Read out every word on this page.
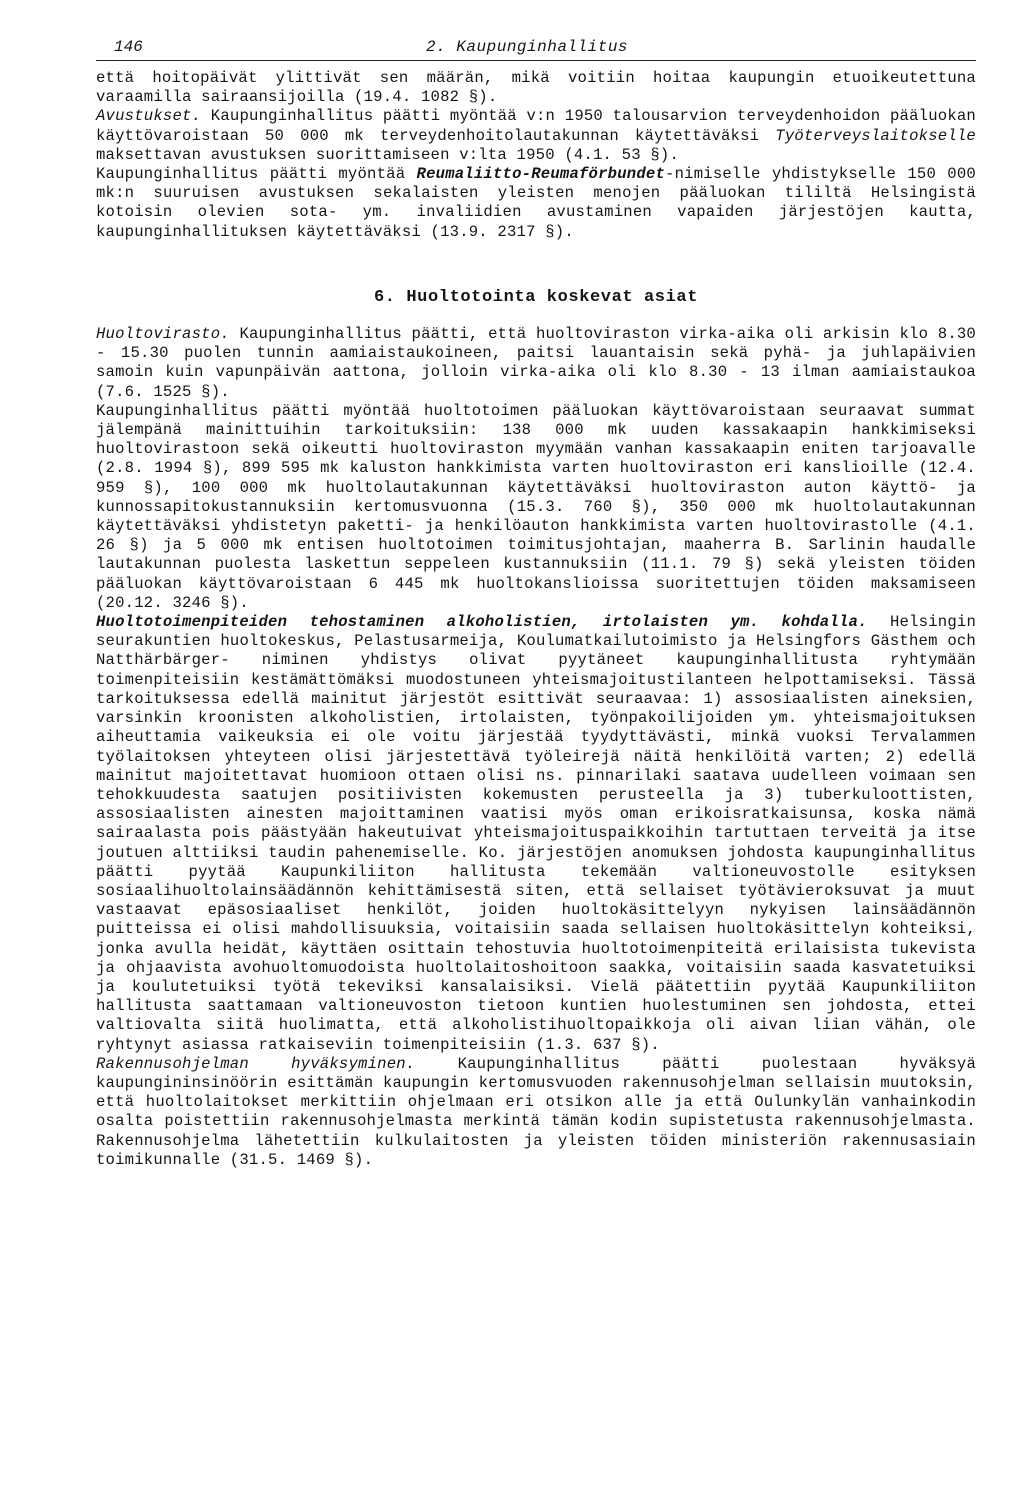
146	2. Kaupunginhallitus

että hoitopäivät ylittivät sen määrän, mikä voitiin hoitaa kaupungin etuoikeutettuna varaamilla sairaansijoilla (19.4. 1082 §).

Avustukset. Kaupunginhallitus päätti myöntää v:n 1950 talousarvion terveydenhoidon pääluokan käyttövaroistaan 50 000 mk terveydenhoitolautakunnan käytettäväksi Työterveyslaitokselle maksettavan avustuksen suorittamiseen v:lta 1950 (4.1. 53 §).

Kaupunginhallitus päätti myöntää Reumaliitto-Reumaförbundet-nimiselle yhdistykselle 150 000 mk:n suuruisen avustuksen sekalaisten yleisten menojen pääluokan tililtä Helsingistä kotoisin olevien sota- ym. invaliidien avustaminen vapaiden järjestöjen kautta, kaupunginhallituksen käytettäväksi (13.9. 2317 §).

6. Huoltotointa koskevat asiat

Huoltovirasto. Kaupunginhallitus päätti, että huoltoviraston virka-aika oli arkisin klo 8.30 - 15.30 puolen tunnin aamiaistaukoineen, paitsi lauantaisin sekä pyhä- ja juhlapäivien samoin kuin vapunpäivän aattona, jolloin virka-aika oli klo 8.30 - 13 ilman aamiaistaukoa (7.6. 1525 §).

Kaupunginhallitus päätti myöntää huoltotoimen pääluokan käyttövaroistaan seuraavat summat jälempänä mainittuihin tarkoituksiin: 138 000 mk uuden kassakaapin hankkimiseksi huoltovirastoon sekä oikeutti huoltoviraston myymään vanhan kassakaapin eniten tarjoavalle (2.8. 1994 §), 899 595 mk kaluston hankkimista varten huoltoviraston eri kanslioille (12.4. 959 §), 100 000 mk huoltolautakunnan käytettäväksi huoltoviraston auton käyttö- ja kunnossapitokustannuksiin kertomusvuonna (15.3. 760 §), 350 000 mk huoltolautakunnan käytettäväksi yhdistetyn paketti- ja henkilöauton hankkimista varten huoltovirastolle (4.1. 26 §) ja 5 000 mk entisen huoltotoimen toimitusjohtajan, maaherra B. Sarlinin haudalle lautakunnan puolesta laskettun seppeleen kustannuksiin (11.1. 79 §) sekä yleisten töiden pääluokan käyttövaroistaan 6 445 mk huoltokanslioissa suoritettujen töiden maksamiseen (20.12. 3246 §).

Huoltotoimenpiteiden tehostaminen alkoholistien, irtolaisten ym. kohdalla. Helsingin seurakuntien huoltokeskus, Pelastusarmeija, Koulumatkailutoimisto ja Helsingfors Gästhem och Natthärbärger- niminen yhdistys olivat pyytäneet kaupunginhallitusta ryhtymään toimenpiteisiin kestämättömäksi muodostuneen yhteismajoitustilanteen helpottamiseksi. Tässä tarkoituksessa edellä mainitut järjestöt esittivät seuraavaa: 1) assosiaalisten aineksien, varsinkin kroonisten alkoholistien, irtolaisten, työnpakoilijoiden ym. yhteismajoituksen aiheuttamia vaikeuksia ei ole voitu järjestää tyydyttävästi, minkä vuoksi Tervalammen työlaitoksen yhteyteen olisi järjestettävä työleirejä näitä henkilöitä varten; 2) edellä mainitut majoitettavat huomioon ottaen olisi ns. pinnarilaki saatava uudelleen voimaan sen tehokkuudesta saatujen positiivisten kokemusten perusteella ja 3) tuberkuloottisten, assosiaalisten ainesten majoittaminen vaatisi myös oman erikoisratkaisunsa, koska nämä sairaalasta pois päästyään hakeutuivat yhteismajoituspaikkoihin tartuttaen terveitä ja itse joutuen alttiiksi taudin pahenemiselle. Ko. järjestöjen anomuksen johdosta kaupunginhallitus päätti pyytää Kaupunkiliiton hallitusta tekemään valtioneuvostolle esityksen sosiaalihuoltolainsäädännön kehittämisestä siten, että sellaiset työtävieroksuvat ja muut vastaavat epäsosiaaliset henkilöt, joiden huoltokäsittelyyn nykyisen lainsäädännön puitteissa ei olisi mahdollisuuksia, voitaisiin saada sellaisen huoltokäsittelyn kohteiksi, jonka avulla heidät, käyttäen osittain tehostuvia huoltotoimenpiteitä erilaisista tukevista ja ohjaavista avohuoltomuodoista huoltolaitoshoitoon saakka, voitaisiin saada kasvatetuiksi ja koulutetuiksi työtä tekeviksi kansalaisiksi. Vielä päätettiin pyytää Kaupunkiliiton hallitusta saattamaan valtioneuvoston tietoon kuntien huolestuminen sen johdosta, ettei valtiovalta siitä huolimatta, että alkoholistihuoltopaikkoja oli aivan liian vähän, ole ryhtynyt asiassa ratkaiseviin toimenpiteisiin (1.3. 637 §).

Rakennusohjelman hyväksyminen. Kaupunginhallitus päätti puolestaan hyväksyä kaupungininsinöörin esittämän kaupungin kertomusvuoden rakennusohjelman sellaisin muutoksin, että huoltolaitokset merkittiin ohjelmaan eri otsikon alle ja että Oulunkylän vanhainkodin osalta poistettiin rakennusohjelmasta merkintä tämän kodin supistetusta rakennusohjelmasta. Rakennusohjelma lähetettiin kulkulaitosten ja yleisten töiden ministeriön rakennusasiain toimikunnalle (31.5. 1469 §).
